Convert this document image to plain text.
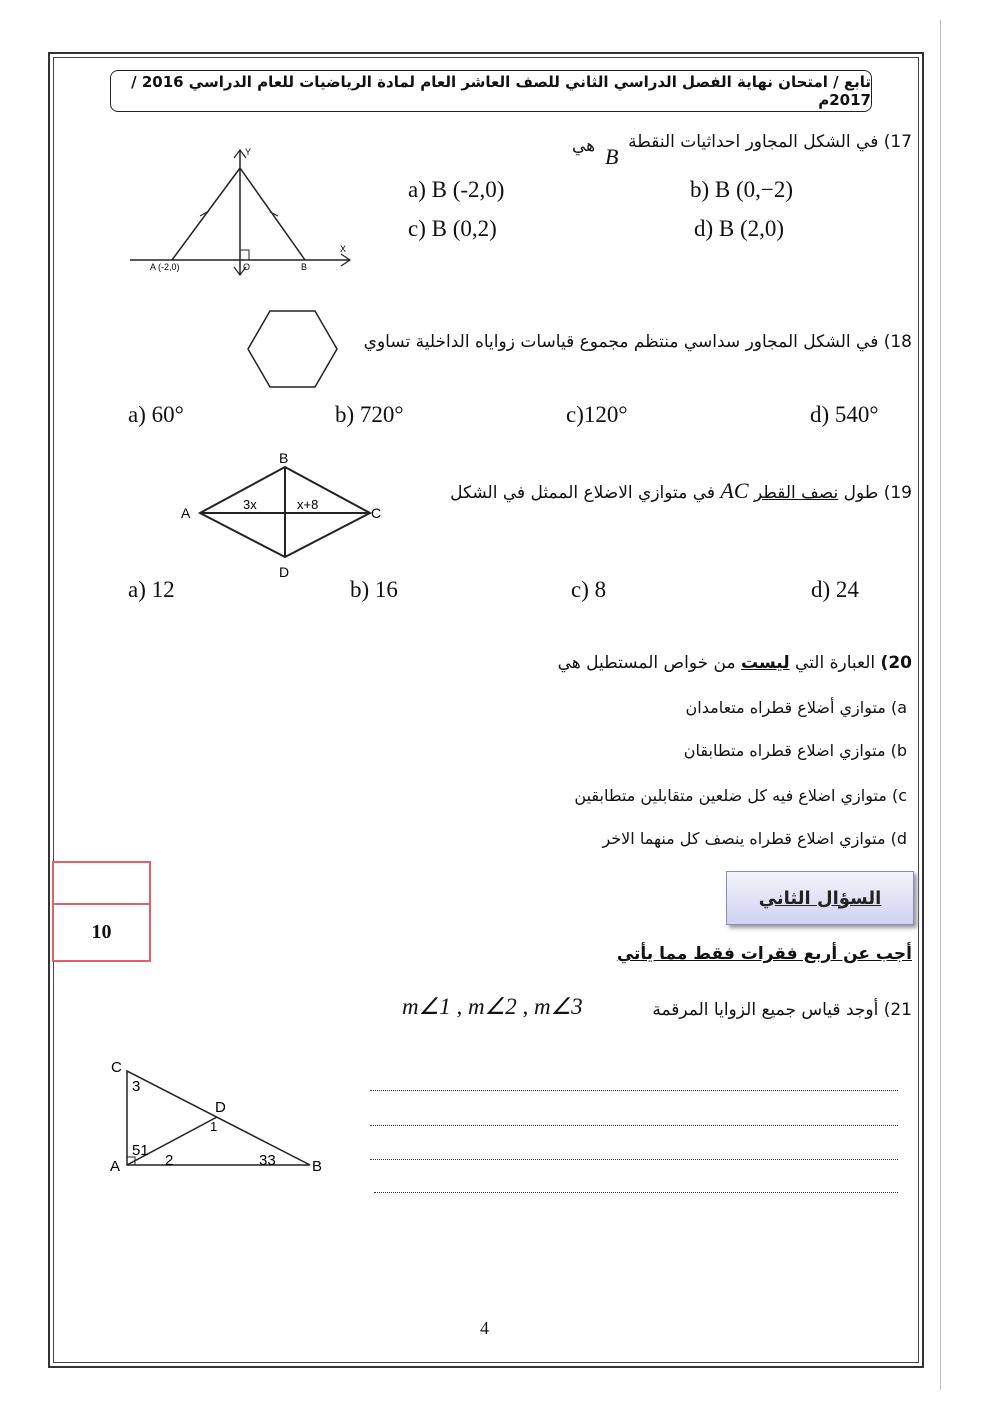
تابع / امتحان نهاية الفصل الدراسي الثاني للصف العاشر العام لمادة الرياضيات للعام الدراسي 2016 / 2017م
17) في الشكل المجاور احداثيات النقطة
B
هي
a) B (-2,0)	b) B (0,−2)
c) B (0,2)	d) B (2,0)
Y
X
A (-2,0)	O	B
18) في الشكل المجاور سداسي منتظم مجموع قياسات زواياه الداخلية تساوي
a) 60°	b) 720°	c)120°	d) 540°
B
A	C
D
3x	x+8
19) طول نصف القطر AC في متوازي الاضلاع الممثل في الشكل
a) 12	b) 16	c) 8	d) 24
20) العبارة التي ليست من خواص المستطيل هي
a) متوازي أضلاع قطراه متعامدان
b) متوازي اضلاع قطراه متطابقان
c) متوازي اضلاع فيه كل ضلعين متقابلين متطابقين
d) متوازي اضلاع قطراه ينصف كل منهما الاخر
10
السؤال الثاني
أجب عن أربع فقرات فقط مما يأتي
21) أوجد قياس جميع الزوايا المرقمة
m∠1 , m∠2 , m∠3
C
D
A	B
3
51
1
2	33
4
